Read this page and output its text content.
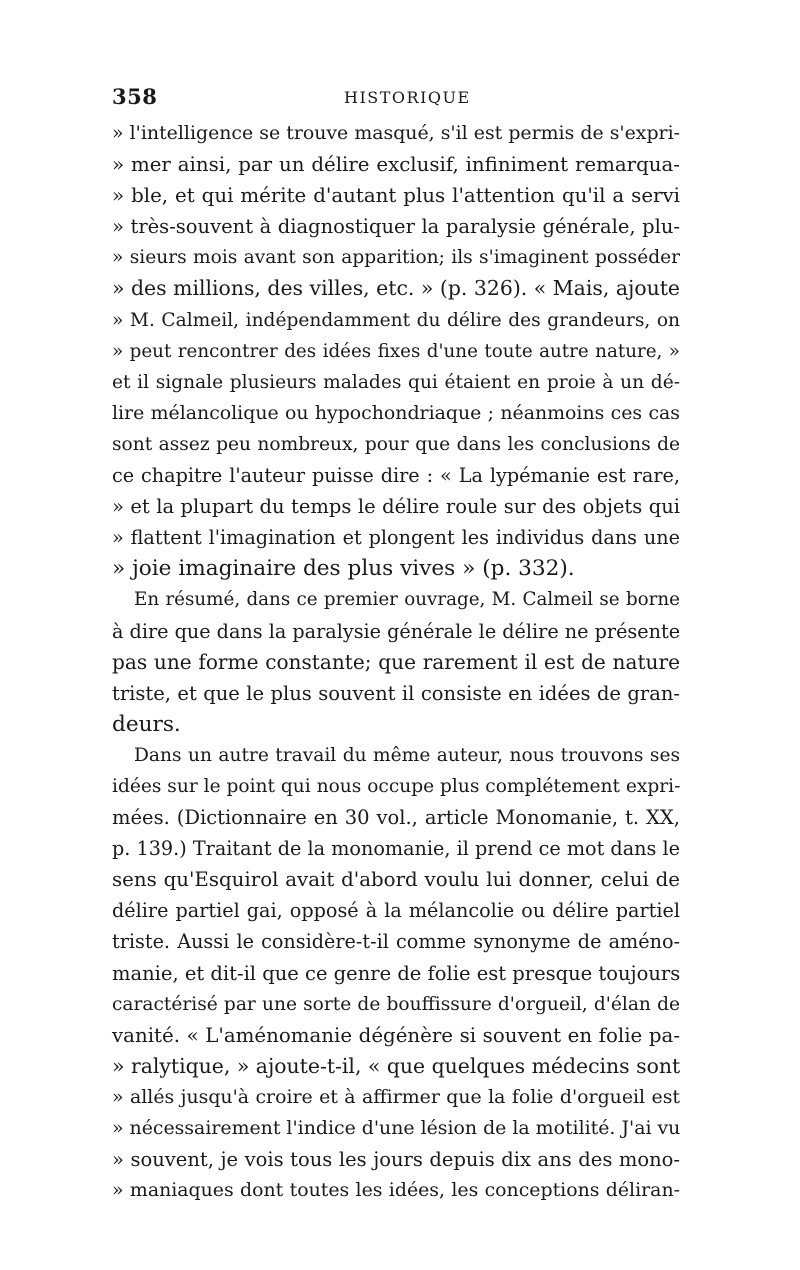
358	HISTORIQUE
» l'intelligence se trouve masqué, s'il est permis de s'expri-
» mer ainsi, par un délire exclusif, infiniment remarqua-
» ble, et qui mérite d'autant plus l'attention qu'il a servi
» très-souvent à diagnostiquer la paralysie générale, plu-
» sieurs mois avant son apparition; ils s'imaginent posséder
» des millions, des villes, etc. » (p. 326). « Mais, ajoute
» M. Calmeil, indépendamment du délire des grandeurs, on
» peut rencontrer des idées fixes d'une toute autre nature, »
et il signale plusieurs malades qui étaient en proie à un dé-
lire mélancolique ou hypochondriaque ; néanmoins ces cas
sont assez peu nombreux, pour que dans les conclusions de
ce chapitre l'auteur puisse dire : « La lypémanie est rare,
» et la plupart du temps le délire roule sur des objets qui
» flattent l'imagination et plongent les individus dans une
» joie imaginaire des plus vives » (p. 332).
En résumé, dans ce premier ouvrage, M. Calmeil se borne
à dire que dans la paralysie générale le délire ne présente
pas une forme constante; que rarement il est de nature
triste, et que le plus souvent il consiste en idées de gran-
deurs.
Dans un autre travail du même auteur, nous trouvons ses
idées sur le point qui nous occupe plus complétement expri-
mées. (Dictionnaire en 30 vol., article Monomanie, t. XX,
p. 139.) Traitant de la monomanie, il prend ce mot dans le
sens qu'Esquirol avait d'abord voulu lui donner, celui de
délire partiel gai, opposé à la mélancolie ou délire partiel
triste. Aussi le considère-t-il comme synonyme de améno-
manie, et dit-il que ce genre de folie est presque toujours
caractérisé par une sorte de bouffissure d'orgueil, d'élan de
vanité. « L'aménomanie dégénère si souvent en folie pa-
» ralytique, » ajoute-t-il, « que quelques médecins sont
» allés jusqu'à croire et à affirmer que la folie d'orgueil est
» nécessairement l'indice d'une lésion de la motilité. J'ai vu
» souvent, je vois tous les jours depuis dix ans des mono-
» maniaques dont toutes les idées, les conceptions déliran-
